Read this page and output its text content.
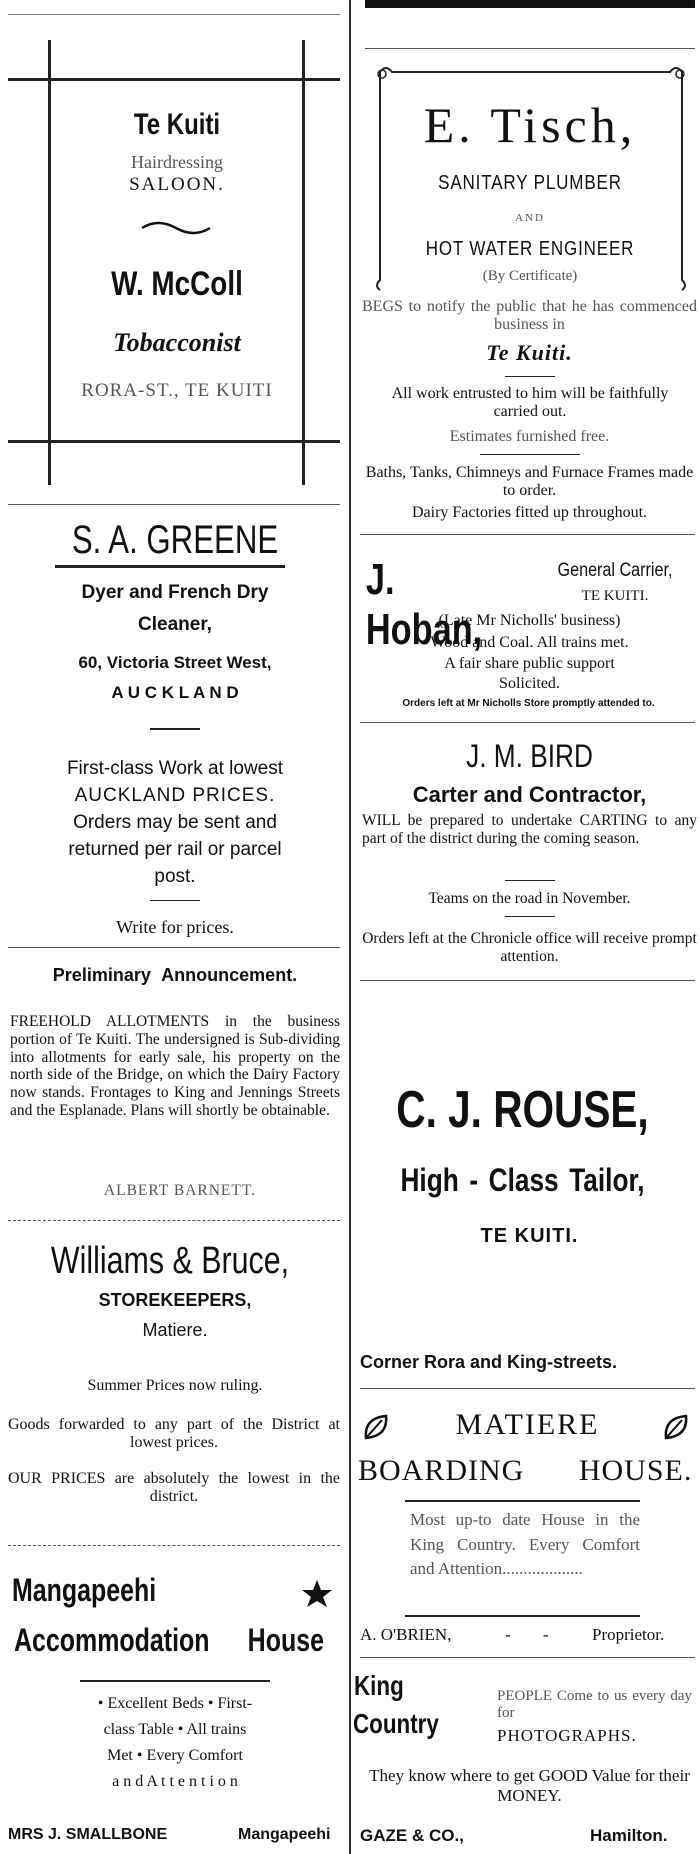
Te Kuiti
Hairdressing
SALOON.
W. McColl
Tobacconist
RORA-ST., TE KUITI
S. A. GREENE
Dyer and French Dry
Cleaner,
60, Victoria Street West,
A U C K L A N D
First-class Work at lowest
AUCKLAND PRICES.
Orders may be sent and
returned per rail or parcel
post.
Write for prices.
Preliminary Announcement.
FREEHOLD ALLOTMENTS in the business portion of Te Kuiti. The undersigned is Sub-dividing into allotments for early sale, his property on the north side of the Bridge, on which the Dairy Factory now stands. Frontages to King and Jennings Streets and the Esplanade. Plans will shortly be obtainable.
ALBERT BARNETT.
Williams & Bruce,
STOREKEEPERS,
Matiere.
Summer Prices now ruling.
Goods forwarded to any part of the District at lowest prices.
OUR PRICES are absolutely the lowest in the district.
Mangapeehi
Accommodation House
• Excellent Beds • First-
class Table • All trains
Met • Every Comfort
a n d A t t e n t i o n
MRS J. SMALLBONE	Mangapeehi
E. Tisch,
SANITARY PLUMBER
AND
HOT WATER ENGINEER
(By Certificate)
BEGS to notify the public that he has commenced business in
Te Kuiti.
All work entrusted to him will be faithfully carried out.
Estimates furnished free.
Baths, Tanks, Chimneys and Furnace Frames made to order.
Dairy Factories fitted up throughout.
J. Hoban,
General Carrier,
TE KUITI.
(Late Mr Nicholls' business)
Wood and Coal. All trains met.
A fair share public support
Solicited.
Orders left at Mr Nicholls Store promptly attended to.
J. M. BIRD
Carter and Contractor,
WILL be prepared to undertake CARTING to any part of the district during the coming season.
Teams on the road in November.
Orders left at the Chronicle office will receive prompt attention.
C. J. ROUSE,
High - Class Tailor,
TE KUITI.
Corner Rora and King-streets.
MATIERE
BOARDING HOUSE.
Most up-to date House in the King Country. Every Comfort and Attention...................
A. O'BRIEN,	- - Proprietor.
King
Country
PEOPLE Come to us every day for
PHOTOGRAPHS.
They know where to get GOOD Value for their MONEY.
GAZE & CO.,	Hamilton.
